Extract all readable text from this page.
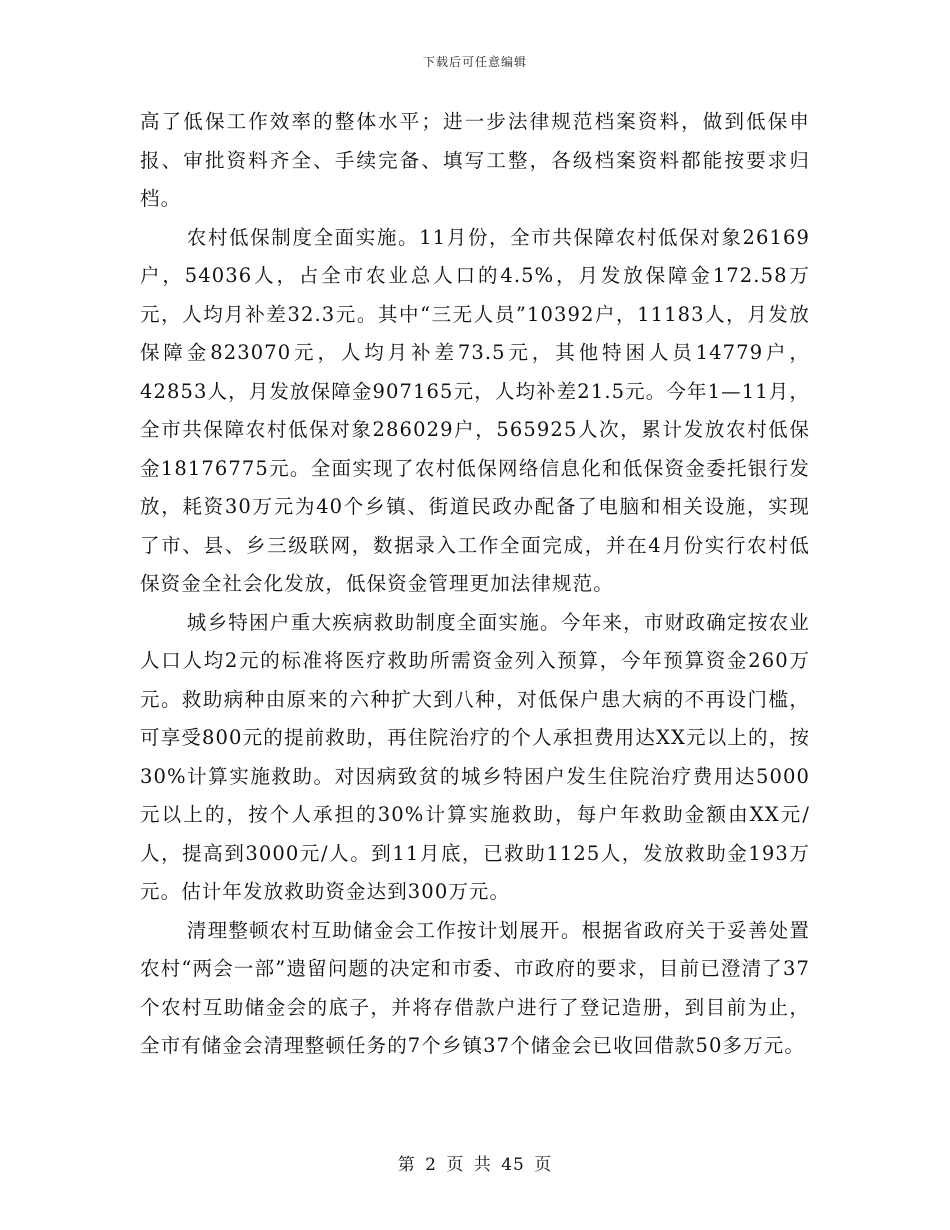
下载后可任意编辑

高了低保工作效率的整体水平；进一步法律规范档案资料，做到低保申报、审批资料齐全、手续完备、填写工整，各级档案资料都能按要求归档。

农村低保制度全面实施。11月份，全市共保障农村低保对象26169户，54036人，占全市农业总人口的4.5%，月发放保障金172.58万元，人均月补差32.3元。其中“三无人员”10392户，11183人，月发放保障金823070元，人均月补差73.5元，其他特困人员14779户，42853人，月发放保障金907165元，人均补差21.5元。今年1—11月，全市共保障农村低保对象286029户，565925人次，累计发放农村低保金18176775元。全面实现了农村低保网络信息化和低保资金委托银行发放，耗资30万元为40个乡镇、街道民政办配备了电脑和相关设施，实现了市、县、乡三级联网，数据录入工作全面完成，并在4月份实行农村低保资金全社会化发放，低保资金管理更加法律规范。

城乡特困户重大疾病救助制度全面实施。今年来，市财政确定按农业人口人均2元的标准将医疗救助所需资金列入预算，今年预算资金260万元。救助病种由原来的六种扩大到八种，对低保户患大病的不再设门槛，可享受800元的提前救助，再住院治疗的个人承担费用达XX元以上的，按30%计算实施救助。对因病致贫的城乡特困户发生住院治疗费用达5000元以上的，按个人承担的30%计算实施救助，每户年救助金额由XX元/人，提高到3000元/人。到11月底，已救助1125人，发放救助金193万元。估计年发放救助资金达到300万元。

清理整顿农村互助储金会工作按计划展开。根据省政府关于妥善处置农村“两会一部”遗留问题的决定和市委、市政府的要求，目前已澄清了37个农村互助储金会的底子，并将存借款户进行了登记造册，到目前为止，全市有储金会清理整顿任务的7个乡镇37个储金会已收回借款50多万元。

第 2 页 共 45 页
